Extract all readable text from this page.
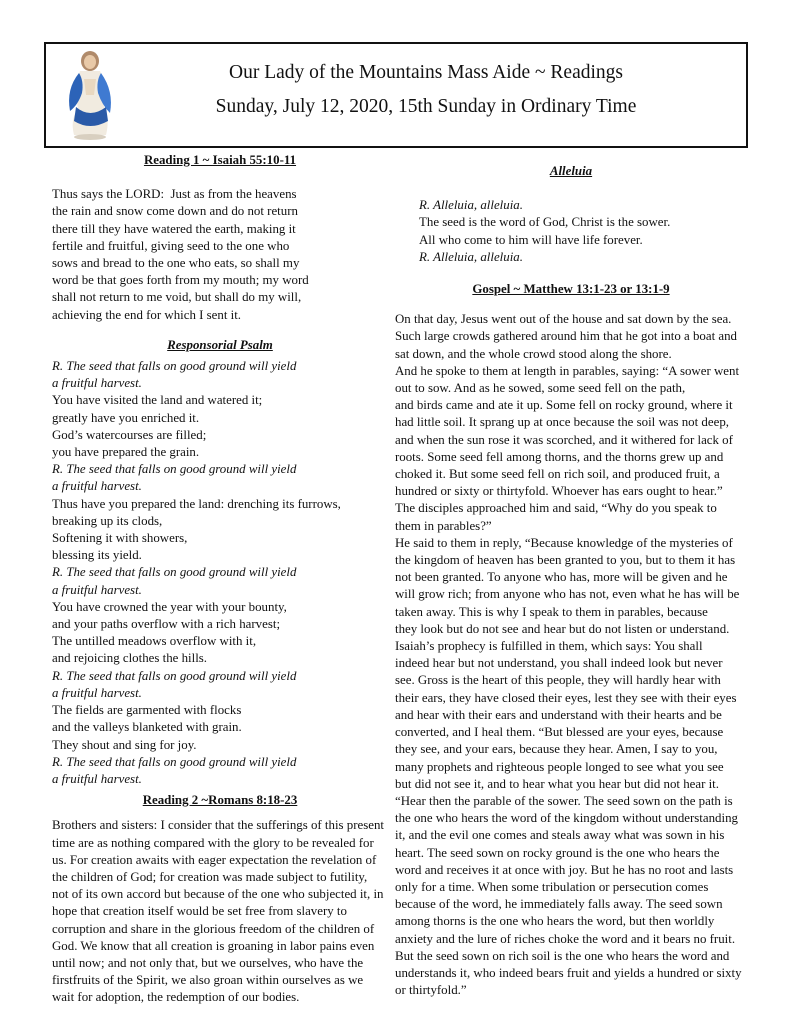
Our Lady of the Mountains Mass Aide ~ Readings
Sunday, July 12, 2020, 15th Sunday in Ordinary Time
Reading 1 ~ Isaiah 55:10-11
Thus says the LORD:  Just as from the heavens
the rain and snow come down and do not return
there till they have watered the earth, making it
fertile and fruitful, giving seed to the one who
sows and bread to the one who eats, so shall my
word be that goes forth from my mouth; my word
shall not return to me void, but shall do my will,
achieving the end for which I sent it.
Responsorial Psalm
R. The seed that falls on good ground will yield
a fruitful harvest.
You have visited the land and watered it;
greatly have you enriched it.
God’s watercourses are filled;
you have prepared the grain.
R. The seed that falls on good ground will yield
a fruitful harvest.
Thus have you prepared the land: drenching its furrows,
breaking up its clods,
Softening it with showers,
blessing its yield.
R. The seed that falls on good ground will yield
a fruitful harvest.
You have crowned the year with your bounty,
and your paths overflow with a rich harvest;
The untilled meadows overflow with it,
and rejoicing clothes the hills.
R. The seed that falls on good ground will yield
a fruitful harvest.
The fields are garmented with flocks
and the valleys blanketed with grain.
They shout and sing for joy.
R. The seed that falls on good ground will yield
a fruitful harvest.
Reading 2 ~Romans 8:18-23
Brothers and sisters: I consider that the sufferings of this present
time are as nothing compared with the glory to be revealed for
us. For creation awaits with eager expectation the revelation of
the children of God; for creation was made subject to futility,
not of its own accord but because of the one who subjected it, in
hope that creation itself would be set free from slavery to
corruption and share in the glorious freedom of the children of
God. We know that all creation is groaning in labor pains even
until now; and not only that, but we ourselves, who have the
firstfruits of the Spirit, we also groan within ourselves as we
wait for adoption, the redemption of our bodies.
Alleluia
R. Alleluia, alleluia.
The seed is the word of God, Christ is the sower.
All who come to him will have life forever.
R. Alleluia, alleluia.
Gospel ~ Matthew 13:1-23 or 13:1-9
On that day, Jesus went out of the house and sat down by the sea.
Such large crowds gathered around him that he got into a boat and
sat down, and the whole crowd stood along the shore.
And he spoke to them at length in parables, saying: “A sower went
out to sow. And as he sowed, some seed fell on the path,
and birds came and ate it up. Some fell on rocky ground, where it
had little soil. It sprang up at once because the soil was not deep,
and when the sun rose it was scorched, and it withered for lack of
roots. Some seed fell among thorns, and the thorns grew up and
choked it. But some seed fell on rich soil, and produced fruit, a
hundred or sixty or thirtyfold. Whoever has ears ought to hear.”
The disciples approached him and said, “Why do you speak to
them in parables?”
He said to them in reply, “Because knowledge of the mysteries of
the kingdom of heaven has been granted to you, but to them it has
not been granted. To anyone who has, more will be given and he
will grow rich; from anyone who has not, even what he has will be
taken away. This is why I speak to them in parables, because
they look but do not see and hear but do not listen or understand.
Isaiah’s prophecy is fulfilled in them, which says: You shall
indeed hear but not understand, you shall indeed look but never
see. Gross is the heart of this people, they will hardly hear with
their ears, they have closed their eyes, lest they see with their eyes
and hear with their ears and understand with their hearts and be
converted, and I heal them. “But blessed are your eyes, because
they see, and your ears, because they hear. Amen, I say to you,
many prophets and righteous people longed to see what you see
but did not see it, and to hear what you hear but did not hear it.
“Hear then the parable of the sower. The seed sown on the path is
the one who hears the word of the kingdom without understanding
it, and the evil one comes and steals away what was sown in his
heart. The seed sown on rocky ground is the one who hears the
word and receives it at once with joy. But he has no root and lasts
only for a time. When some tribulation or persecution comes
because of the word, he immediately falls away. The seed sown
among thorns is the one who hears the word, but then worldly
anxiety and the lure of riches choke the word and it bears no fruit.
But the seed sown on rich soil is the one who hears the word and
understands it, who indeed bears fruit and yields a hundred or sixty
or thirtyfold.”
